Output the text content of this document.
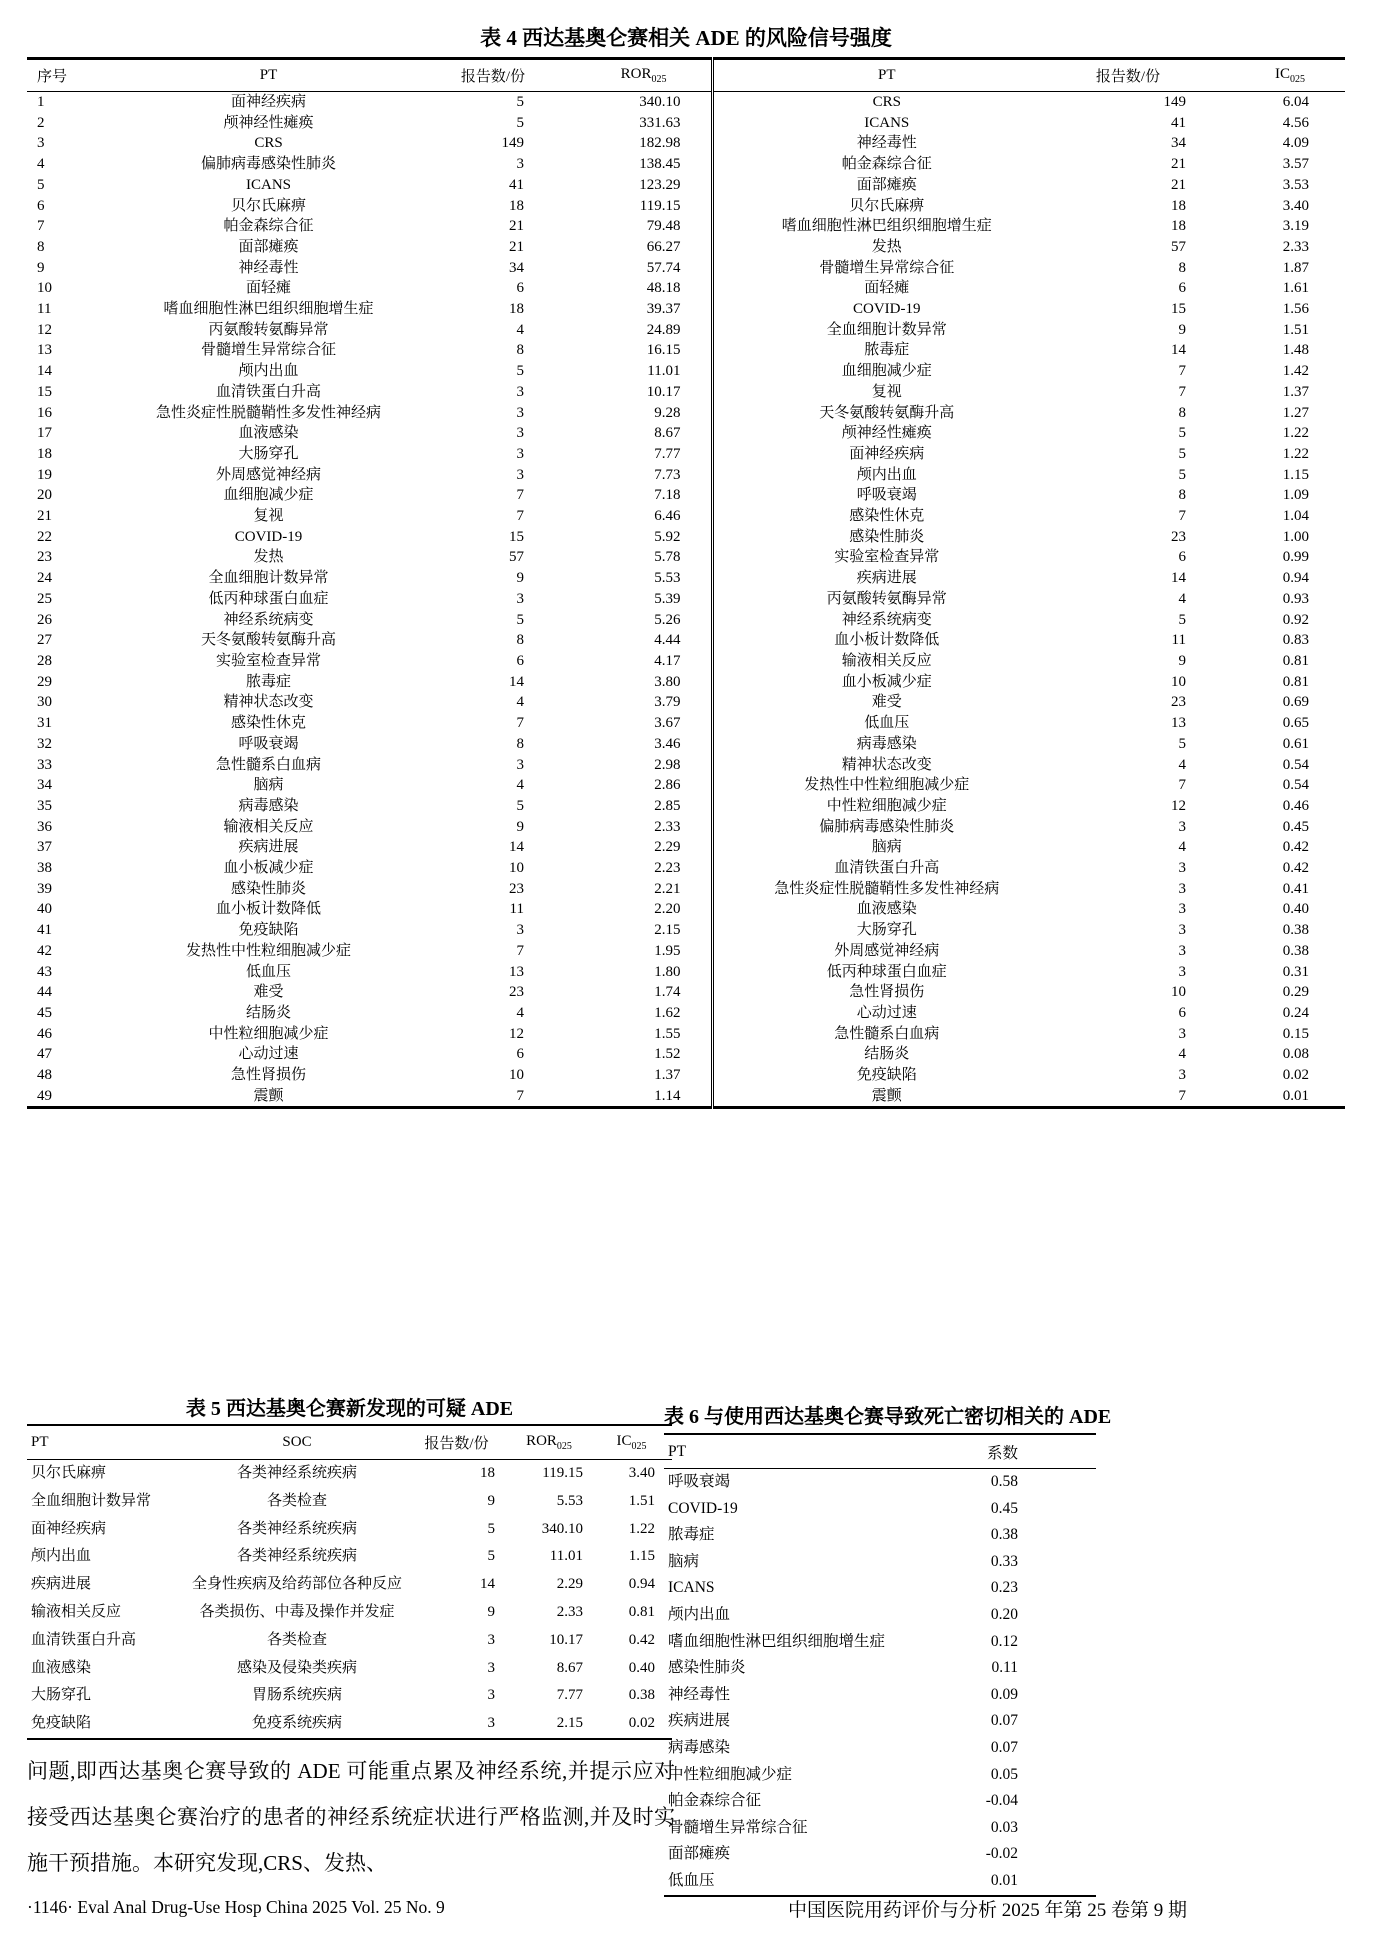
表 4 西达基奥仑赛相关 ADE 的风险信号强度
序号	PT	报告数/份	$ROR_{025}$	PT	报告数/份	$IC_{025}$
1	面神经疾病	5	340.10	CRS	149	6.04
2	颅神经性瘫痪	5	331.63	ICANS	41	4.56
3	CRS	149	182.98	神经毒性	34	4.09
4	偏肺病毒感染性肺炎	3	138.45	帕金森综合征	21	3.57
5	ICANS	41	123.29	面部瘫痪	21	3.53
6	贝尔氏麻痹	18	119.15	贝尔氏麻痹	18	3.40
7	帕金森综合征	21	79.48	嗜血细胞性淋巴组织细胞增生症	18	3.19
8	面部瘫痪	21	66.27	发热	57	2.33
9	神经毒性	34	57.74	骨髓增生异常综合征	8	1.87
10	面轻瘫	6	48.18	面轻瘫	6	1.61
11	嗜血细胞性淋巴组织细胞增生症	18	39.37	COVID-19	15	1.56
12	丙氨酸转氨酶异常	4	24.89	全血细胞计数异常	9	1.51
13	骨髓增生异常综合征	8	16.15	脓毒症	14	1.48
14	颅内出血	5	11.01	血细胞减少症	7	1.42
15	血清铁蛋白升高	3	10.17	复视	7	1.37
16	急性炎症性脱髓鞘性多发性神经病	3	9.28	天冬氨酸转氨酶升高	8	1.27
17	血液感染	3	8.67	颅神经性瘫痪	5	1.22
18	大肠穿孔	3	7.77	面神经疾病	5	1.22
19	外周感觉神经病	3	7.73	颅内出血	5	1.15
20	血细胞减少症	7	7.18	呼吸衰竭	8	1.09
21	复视	7	6.46	感染性休克	7	1.04
22	COVID-19	15	5.92	感染性肺炎	23	1.00
23	发热	57	5.78	实验室检查异常	6	0.99
24	全血细胞计数异常	9	5.53	疾病进展	14	0.94
25	低丙种球蛋白血症	3	5.39	丙氨酸转氨酶异常	4	0.93
26	神经系统病变	5	5.26	神经系统病变	5	0.92
27	天冬氨酸转氨酶升高	8	4.44	血小板计数降低	11	0.83
28	实验室检查异常	6	4.17	输液相关反应	9	0.81
29	脓毒症	14	3.80	血小板减少症	10	0.81
30	精神状态改变	4	3.79	难受	23	0.69
31	感染性休克	7	3.67	低血压	13	0.65
32	呼吸衰竭	8	3.46	病毒感染	5	0.61
33	急性髓系白血病	3	2.98	精神状态改变	4	0.54
34	脑病	4	2.86	发热性中性粒细胞减少症	7	0.54
35	病毒感染	5	2.85	中性粒细胞减少症	12	0.46
36	输液相关反应	9	2.33	偏肺病毒感染性肺炎	3	0.45
37	疾病进展	14	2.29	脑病	4	0.42
38	血小板减少症	10	2.23	血清铁蛋白升高	3	0.42
39	感染性肺炎	23	2.21	急性炎症性脱髓鞘性多发性神经病	3	0.41
40	血小板计数降低	11	2.20	血液感染	3	0.40
41	免疫缺陷	3	2.15	大肠穿孔	3	0.38
42	发热性中性粒细胞减少症	7	1.95	外周感觉神经病	3	0.38
43	低血压	13	1.80	低丙种球蛋白血症	3	0.31
44	难受	23	1.74	急性肾损伤	10	0.29
45	结肠炎	4	1.62	心动过速	6	0.24
46	中性粒细胞减少症	12	1.55	急性髓系白血病	3	0.15
47	心动过速	6	1.52	结肠炎	4	0.08
48	急性肾损伤	10	1.37	免疫缺陷	3	0.02
49	震颤	7	1.14	震颤	7	0.01
表 5 西达基奥仑赛新发现的可疑 ADE
PT	SOC	报告数/份	$ROR_{025}$	$IC_{025}$
贝尔氏麻痹	各类神经系统疾病	18	119.15	3.40
全血细胞计数异常	各类检查	9	5.53	1.51
面神经疾病	各类神经系统疾病	5	340.10	1.22
颅内出血	各类神经系统疾病	5	11.01	1.15
疾病进展	全身性疾病及给药部位各种反应	14	2.29	0.94
输液相关反应	各类损伤、中毒及操作并发症	9	2.33	0.81
血清铁蛋白升高	各类检查	3	10.17	0.42
血液感染	感染及侵染类疾病	3	8.67	0.40
大肠穿孔	胃肠系统疾病	3	7.77	0.38
免疫缺陷	免疫系统疾病	3	2.15	0.02
表 6 与使用西达基奥仑赛导致死亡密切相关的 ADE
PT	系数
呼吸衰竭	0.58
COVID-19	0.45
脓毒症	0.38
脑病	0.33
ICANS	0.23
颅内出血	0.20
嗜血细胞性淋巴组织细胞增生症	0.12
感染性肺炎	0.11
神经毒性	0.09
疾病进展	0.07
病毒感染	0.07
中性粒细胞减少症	0.05
帕金森综合征	-0.04
骨髓增生异常综合征	0.03
面部瘫痪	-0.02
低血压	0.01
问题,即西达基奥仑赛导致的 ADE 可能重点累及神经系统,并提示应对接受西达基奥仑赛治疗的患者的神经系统症状进行严格监测,并及时实施干预措施。本研究发现,CRS、发热、
·1146· Eval Anal Drug-Use Hosp China 2025 Vol. 25 No. 9	中国医院用药评价与分析 2025 年第 25 卷第 9 期
